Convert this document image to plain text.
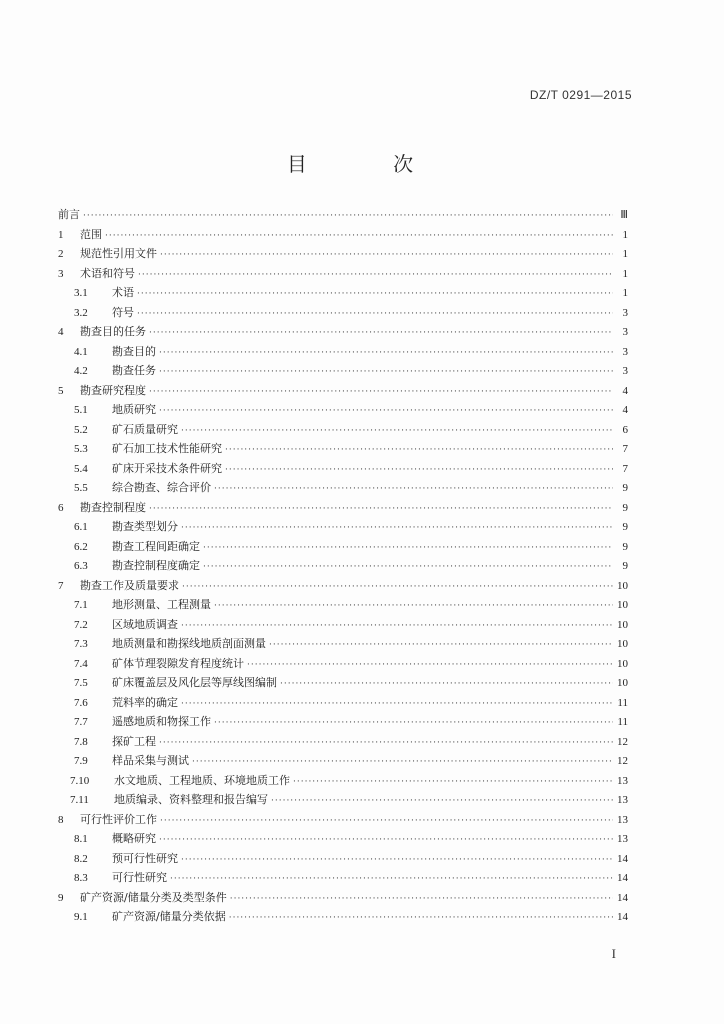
DZ/T 0291—2015
目 次
前言 ·····	Ⅲ
1	范围 ·····	1
2	规范性引用文件 ·····	1
3	术语和符号 ·····	1
3.1	术语 ·····	1
3.2	符号 ·····	3
4	勘查目的任务 ·····	3
4.1	勘查目的 ·····	3
4.2	勘查任务 ·····	3
5	勘查研究程度 ·····	4
5.1	地质研究 ·····	4
5.2	矿石质量研究 ·····	6
5.3	矿石加工技术性能研究 ·····	7
5.4	矿床开采技术条件研究 ·····	7
5.5	综合勘查、综合评价 ·····	9
6	勘查控制程度 ·····	9
6.1	勘查类型划分 ·····	9
6.2	勘查工程间距确定 ·····	9
6.3	勘查控制程度确定 ·····	9
7	勘查工作及质量要求 ·····	10
7.1	地形测量、工程测量 ·····	10
7.2	区域地质调查 ·····	10
7.3	地质测量和勘探线地质剖面测量 ·····	10
7.4	矿体节理裂隙发育程度统计 ·····	10
7.5	矿床覆盖层及风化层等厚线图编制 ·····	10
7.6	荒料率的确定 ·····	11
7.7	遥感地质和物探工作 ·····	11
7.8	探矿工程 ·····	12
7.9	样品采集与测试 ·····	12
7.10	水文地质、工程地质、环境地质工作 ·····	13
7.11	地质编录、资料整理和报告编写 ·····	13
8	可行性评价工作 ·····	13
8.1	概略研究 ·····	13
8.2	预可行性研究 ·····	14
8.3	可行性研究 ·····	14
9	矿产资源/储量分类及类型条件 ·····	14
9.1	矿产资源/储量分类依据 ·····	14
I
